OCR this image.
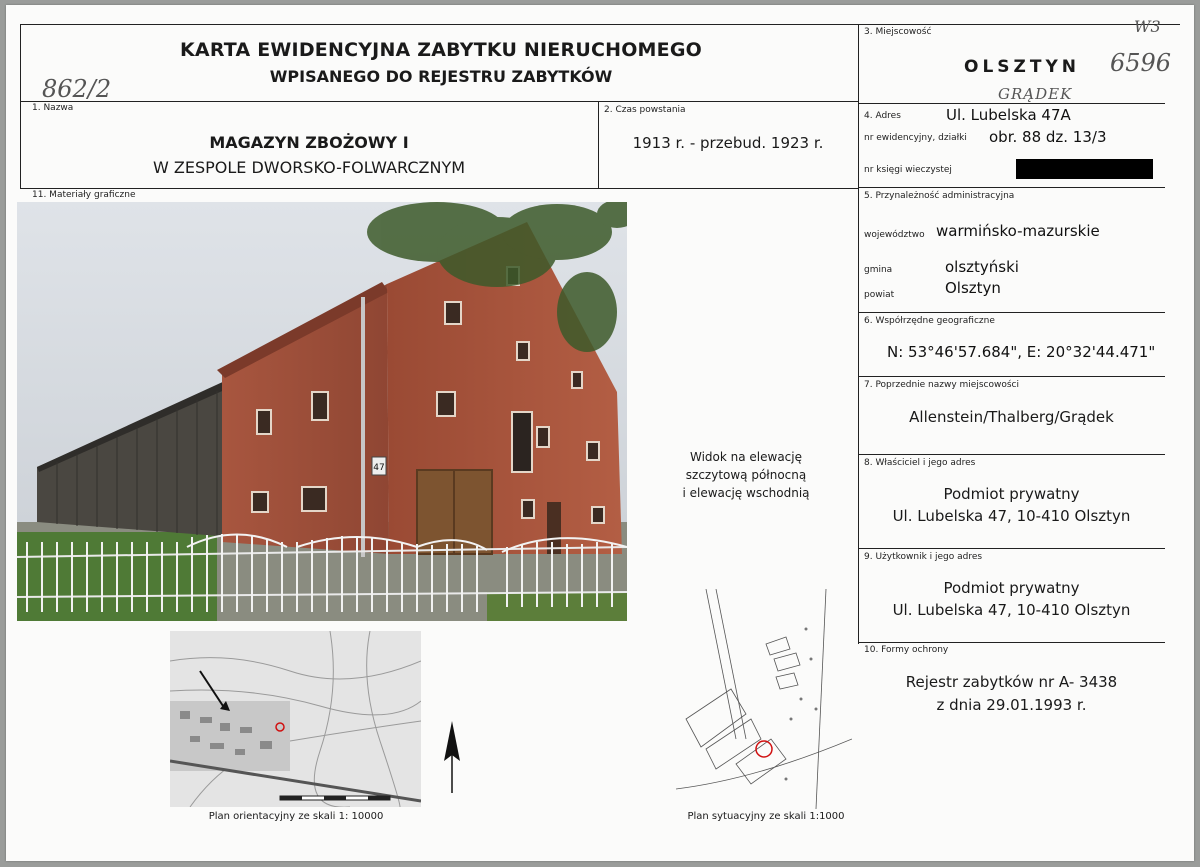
KARTA EWIDENCYJNA ZABYTKU NIERUCHOMEGO
WPISANEGO DO REJESTRU ZABYTKÓW
862/2
1. Nazwa
MAGAZYN ZBOŻOWY I
W ZESPOLE DWORSKO-FOLWARCZNYM
2. Czas powstania
1913 r. - przebud. 1923 r.
3. Miejscowość
OLSZTYN
W3
6596
GRĄDEK
4. Adres	Ul. Lubelska 47A
nr ewidencyjny, działki obr. 88 dz. 13/3
nr księgi wieczystej
5. Przynależność administracyjna
województwo warmińsko-mazurskie
powiat
olsztyński
gmina
Olsztyn
6. Współrzędne geograficzne
N: 53°46'57.684", E: 20°32'44.471"
7. Poprzednie nazwy miejscowości
Allenstein/Thalberg/Grądek
8. Właściciel i jego adres
Podmiot prywatny
Ul. Lubelska 47, 10-410 Olsztyn
9. Użytkownik i jego adres
Podmiot prywatny
Ul. Lubelska 47, 10-410 Olsztyn
10. Formy ochrony
Rejestr zabytków nr A- 3438
z dnia 29.01.1993 r.
11. Materiały graficzne
47
Widok na elewację
szczytową północną
i elewację wschodnią
Plan orientacyjny ze skali 1: 10000	Plan sytuacyjny ze skali 1:1000
